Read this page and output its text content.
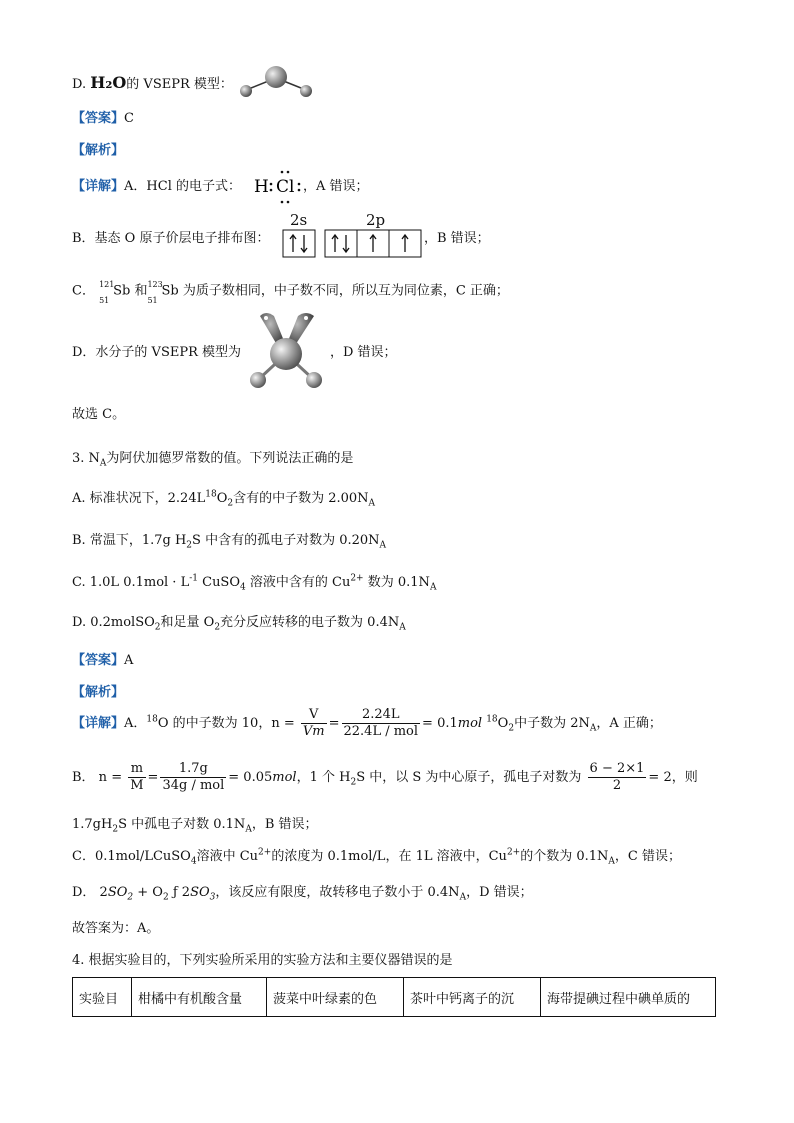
D. H₂O的 VSEPR 模型：
【答案】C
【解析】
【详解】A．HCl 的电子式：	，A 错误；
H Cl
B．基态 O 原子价层电子排布图：
2s	2p
，B 错误；
C． 121
51
Sb 和 123
51
Sb 为质子数相同，中子数不同，所以互为同位素，C 正确；
D．水分子的 VSEPR 模型为	，D 错误；
故选 C。
3. $N_A$为阿伏加德罗常数的值。下列说法正确的是
A. 标准状况下，$2.24L^{18}O_2$含有的中子数为 $2.00N_A$
B. 常温下，1.7g $H_2S$ 中含有的孤电子对数为 $0.20N_A$
C. 1.0L $0.1mol \cdot L^{-1}$ CuSO$_4$ 溶液中含有的 $Cu^{2+}$ 数为 $0.1N_A$
D. 0.2molSO$_2$和足量 $O_2$充分反应转移的电子数为 $0.4N_A$
【答案】A
【解析】
【详解】A．$^{18}$O 的中子数为 10，$n = \frac{V}{Vm} = \frac{2.24L}{\text{22.4L / mol}} = 0.1mol$ $^{18}O_2$中子数为 $2N_A$，A 正确；
B． $n = \frac{m}{M} = \frac{1.7g}{\text{34g / mol}} = 0.05mol$，1 个 $H_2S$ 中，以 S 为中心原子，孤电子对数为 $\frac{6 - 2\times 1}{2} = 2$，则
$1.7gH_2S$ 中孤电子对数 $0.1N_A$，B 错误；
C．0.1mol/LCuSO$_4$溶液中 $Cu^{2+}$的浓度为 0.1mol/L，在 1L 溶液中，$Cu^{2+}$的个数为 $0.1N_A$，C 错误；
D． $2SO_2 + O_2$ ƒ $2SO_3$，该反应有限度，故转移电子数小于 $0.4N_A$，D 错误；
故答案为：A。
4. 根据实验目的，下列实验所采用的实验方法和主要仪器错误的是
实验目	柑橘中有机酸含量	菠菜中叶绿素的色	茶叶中钙离子的沉	海带提碘过程中碘单质的
